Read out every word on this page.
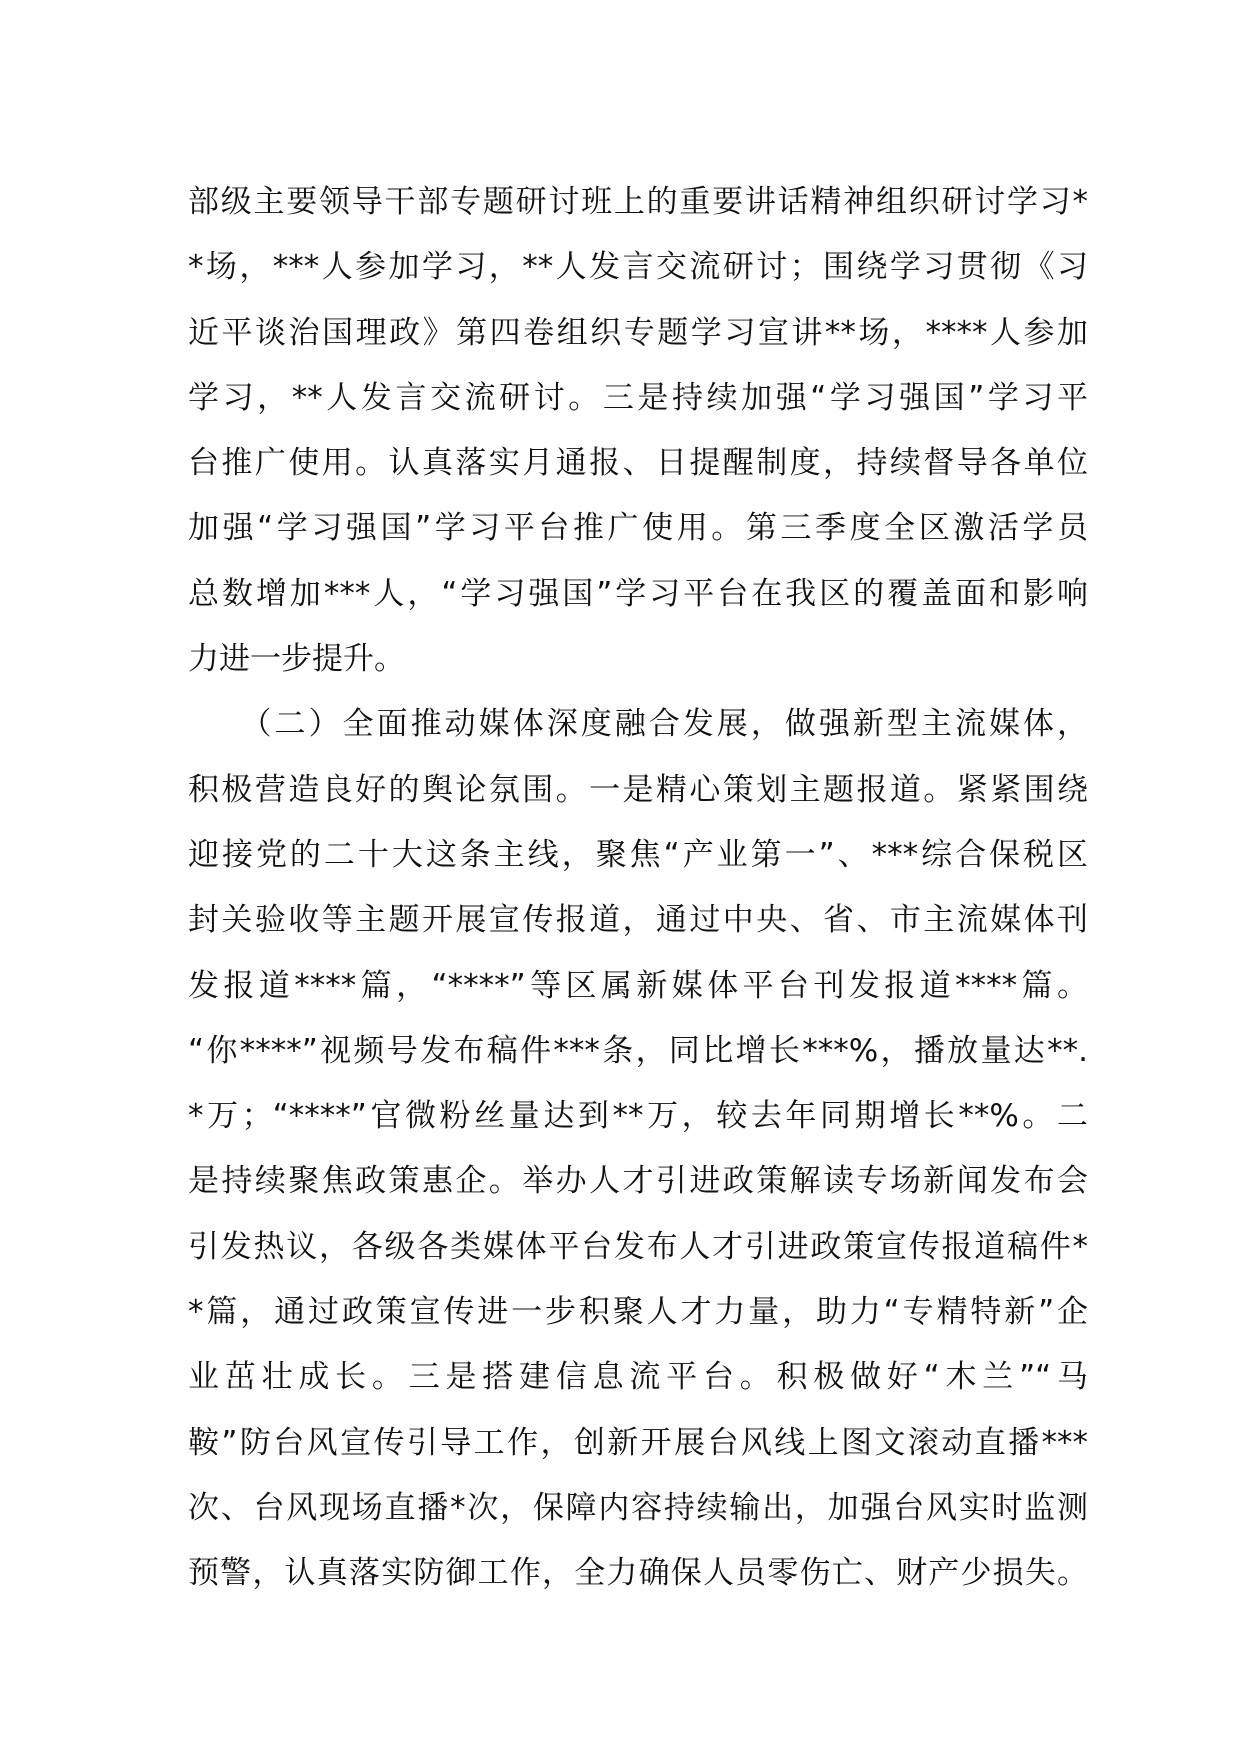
部级主要领导干部专题研讨班上的重要讲话精神组织研讨学习*
*场，***人参加学习，**人发言交流研讨；围绕学习贯彻《习
近平谈治国理政》第四卷组织专题学习宣讲**场，****人参加
学习，**人发言交流研讨。三是持续加强“学习强国”学习平
台推广使用。认真落实月通报、日提醒制度，持续督导各单位
加强“学习强国”学习平台推广使用。第三季度全区激活学员
总数增加***人，“学习强国”学习平台在我区的覆盖面和影响
力进一步提升。
　　（二）全面推动媒体深度融合发展，做强新型主流媒体，
积极营造良好的舆论氛围。一是精心策划主题报道。紧紧围绕
迎接党的二十大这条主线，聚焦“产业第一”、***综合保税区
封关验收等主题开展宣传报道，通过中央、省、市主流媒体刊
发报道****篇，“****”等区属新媒体平台刊发报道****篇。
“你****”视频号发布稿件***条，同比增长***%，播放量达**.
*万；“****”官微粉丝量达到**万，较去年同期增长**%。二
是持续聚焦政策惠企。举办人才引进政策解读专场新闻发布会
引发热议，各级各类媒体平台发布人才引进政策宣传报道稿件*
*篇，通过政策宣传进一步积聚人才力量，助力“专精特新”企
业茁壮成长。三是搭建信息流平台。积极做好“木兰”“马
鞍”防台风宣传引导工作，创新开展台风线上图文滚动直播***
次、台风现场直播*次，保障内容持续输出，加强台风实时监测
预警，认真落实防御工作，全力确保人员零伤亡、财产少损失。
